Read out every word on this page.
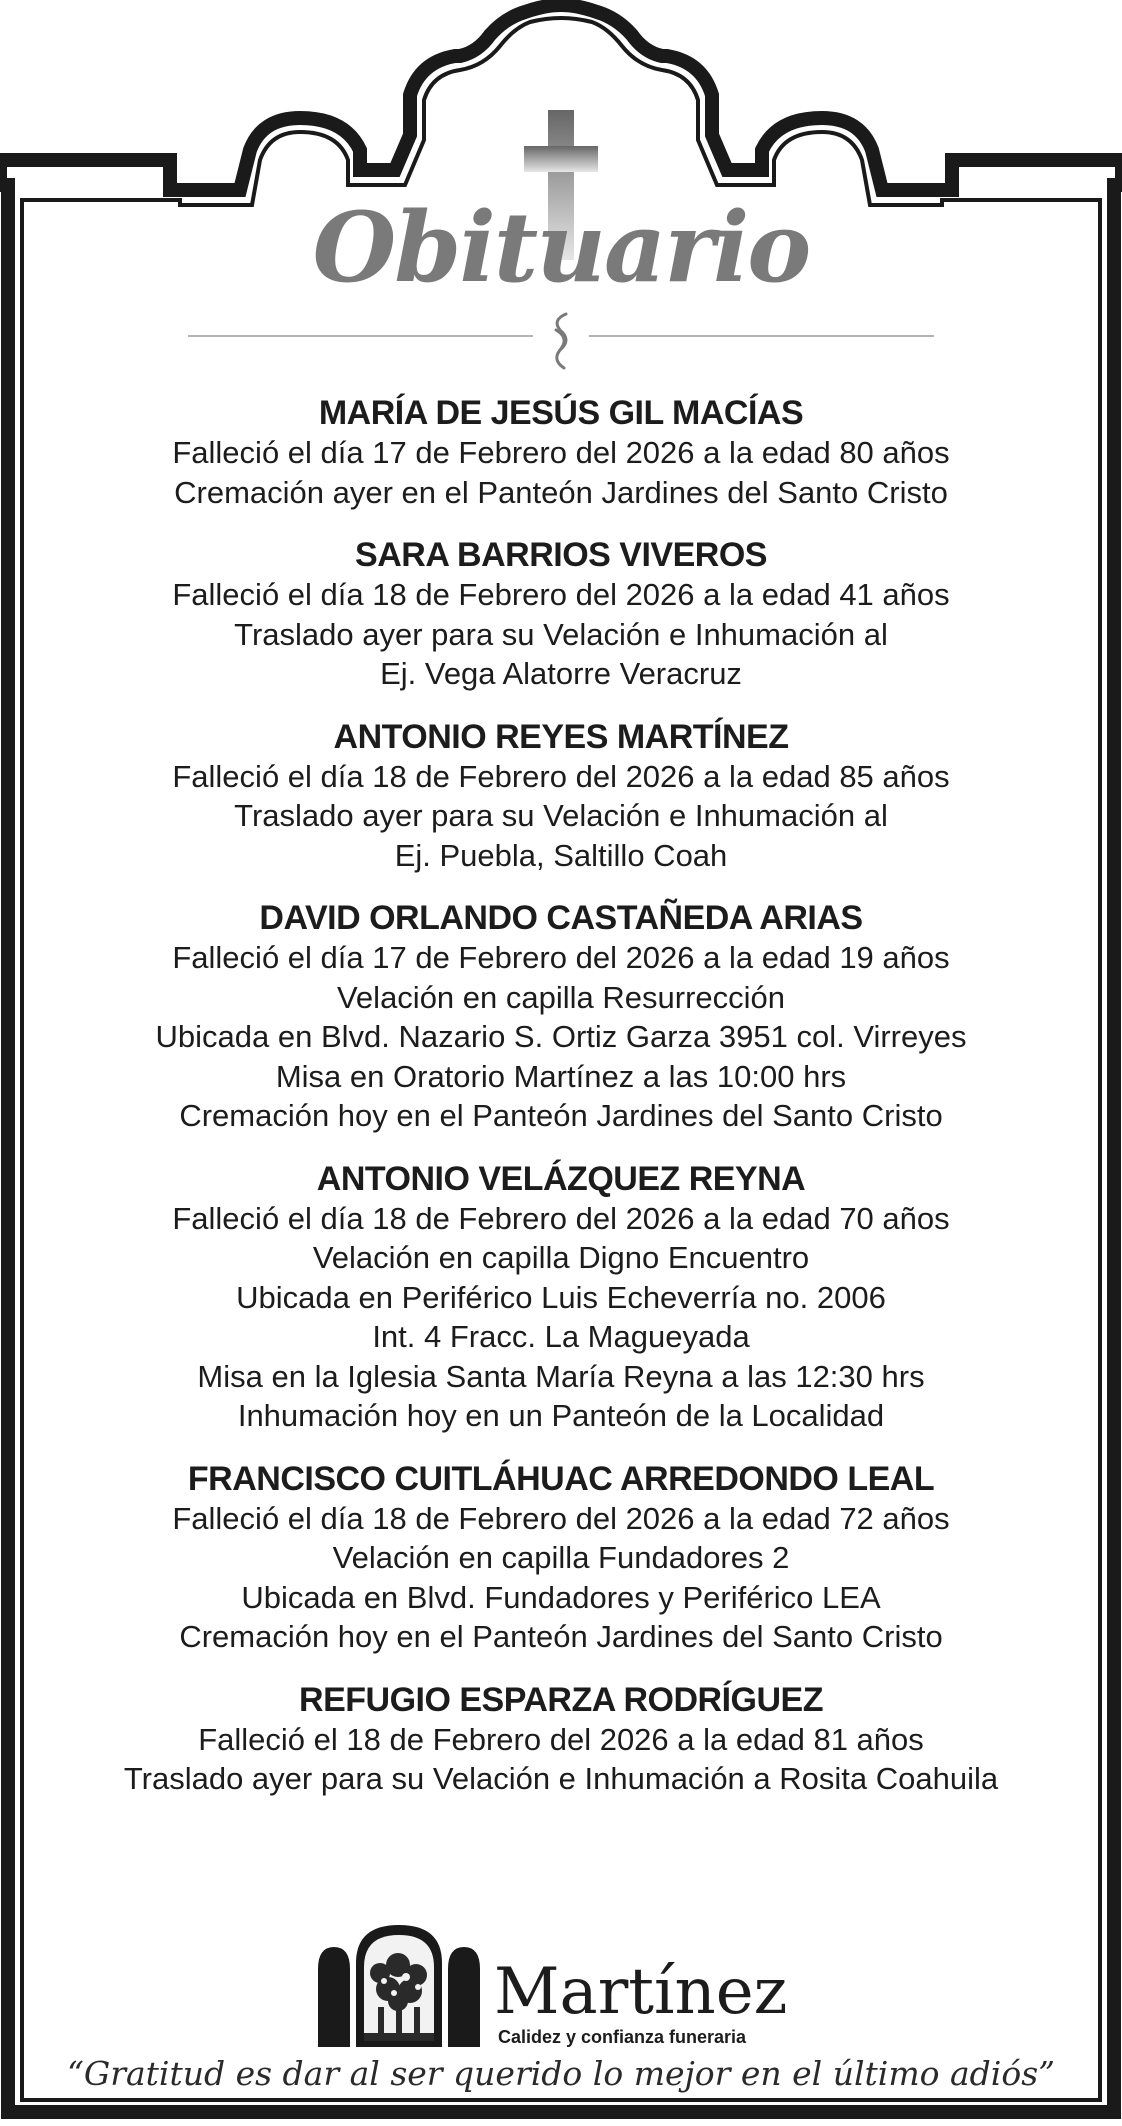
Obituario
MARÍA DE JESÚS GIL MACÍAS
Falleció el día 17 de Febrero del 2026 a la edad 80 años
Cremación ayer en el Panteón Jardines del Santo Cristo
SARA BARRIOS VIVEROS
Falleció el día 18 de Febrero del 2026 a la edad 41 años
Traslado ayer para su Velación e Inhumación al
Ej. Vega Alatorre Veracruz
ANTONIO REYES MARTÍNEZ
Falleció el día 18 de Febrero del 2026 a la edad 85 años
Traslado ayer para su Velación e Inhumación al
Ej. Puebla, Saltillo Coah
DAVID ORLANDO CASTAÑEDA ARIAS
Falleció el día 17 de Febrero del 2026 a la edad 19 años
Velación en capilla Resurrección
Ubicada en Blvd. Nazario S. Ortiz Garza 3951 col. Virreyes
Misa en Oratorio Martínez a las 10:00 hrs
Cremación hoy en el Panteón Jardines del Santo Cristo
ANTONIO VELÁZQUEZ REYNA
Falleció el día 18 de Febrero del 2026 a la edad 70 años
Velación en capilla Digno Encuentro
Ubicada en Periférico Luis Echeverría no. 2006
Int. 4 Fracc. La Magueyada
Misa en la Iglesia Santa María Reyna a las 12:30 hrs
Inhumación hoy en un Panteón de la Localidad
FRANCISCO CUITLÁHUAC ARREDONDO LEAL
Falleció el día 18 de Febrero del 2026 a la edad 72 años
Velación en capilla Fundadores 2
Ubicada en Blvd. Fundadores y Periférico LEA
Cremación hoy en el Panteón Jardines del Santo Cristo
REFUGIO ESPARZA RODRÍGUEZ
Falleció el 18 de Febrero del 2026 a la edad 81 años
Traslado ayer para su Velación e Inhumación a Rosita Coahuila
Martínez
Calidez y confianza funeraria
“Gratitud es dar al ser querido lo mejor en el último adiós”
